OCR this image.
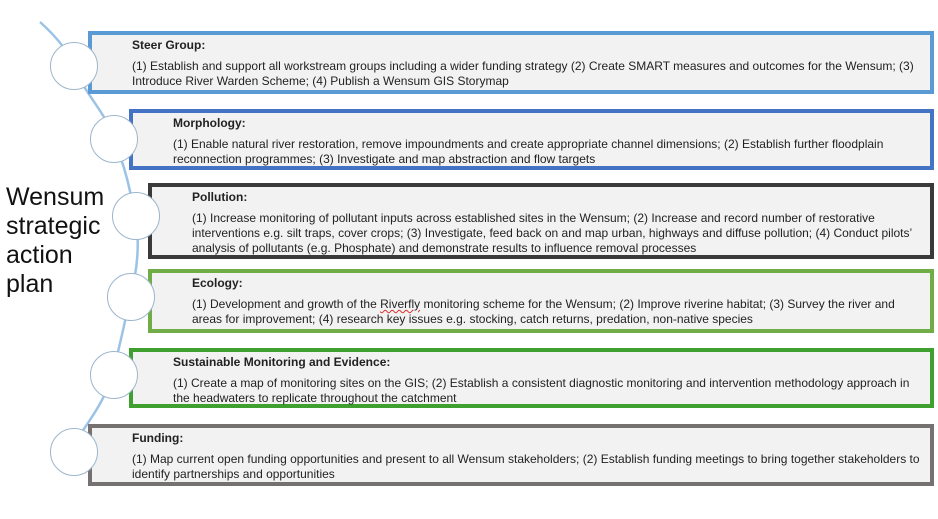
Wensum
strategic
action
plan
Steer Group:
(1) Establish and support all workstream groups including a wider funding strategy (2) Create SMART measures and outcomes for the Wensum; (3) Introduce River Warden Scheme; (4) Publish a Wensum GIS Storymap
Morphology:
(1) Enable natural river restoration, remove impoundments and create appropriate channel dimensions; (2) Establish further floodplain reconnection programmes; (3) Investigate and map abstraction and flow targets
Pollution:
(1) Increase monitoring of pollutant inputs across established sites in the Wensum; (2) Increase and record number of restorative interventions e.g. silt traps, cover crops; (3) Investigate, feed back on and map urban, highways and diffuse pollution; (4) Conduct pilots’ analysis of pollutants (e.g. Phosphate) and demonstrate results to influence removal processes
Ecology:
(1) Development and growth of the Riverfly monitoring scheme for the Wensum; (2) Improve riverine habitat; (3) Survey the river and areas for improvement; (4) research key issues e.g. stocking, catch returns, predation, non-native species
Sustainable Monitoring and Evidence:
(1) Create a map of monitoring sites on the GIS; (2) Establish a consistent diagnostic monitoring and intervention methodology approach in the headwaters to replicate throughout the catchment
Funding:
(1) Map current open funding opportunities and present to all Wensum stakeholders; (2) Establish funding meetings to bring together stakeholders to identify partnerships and opportunities
